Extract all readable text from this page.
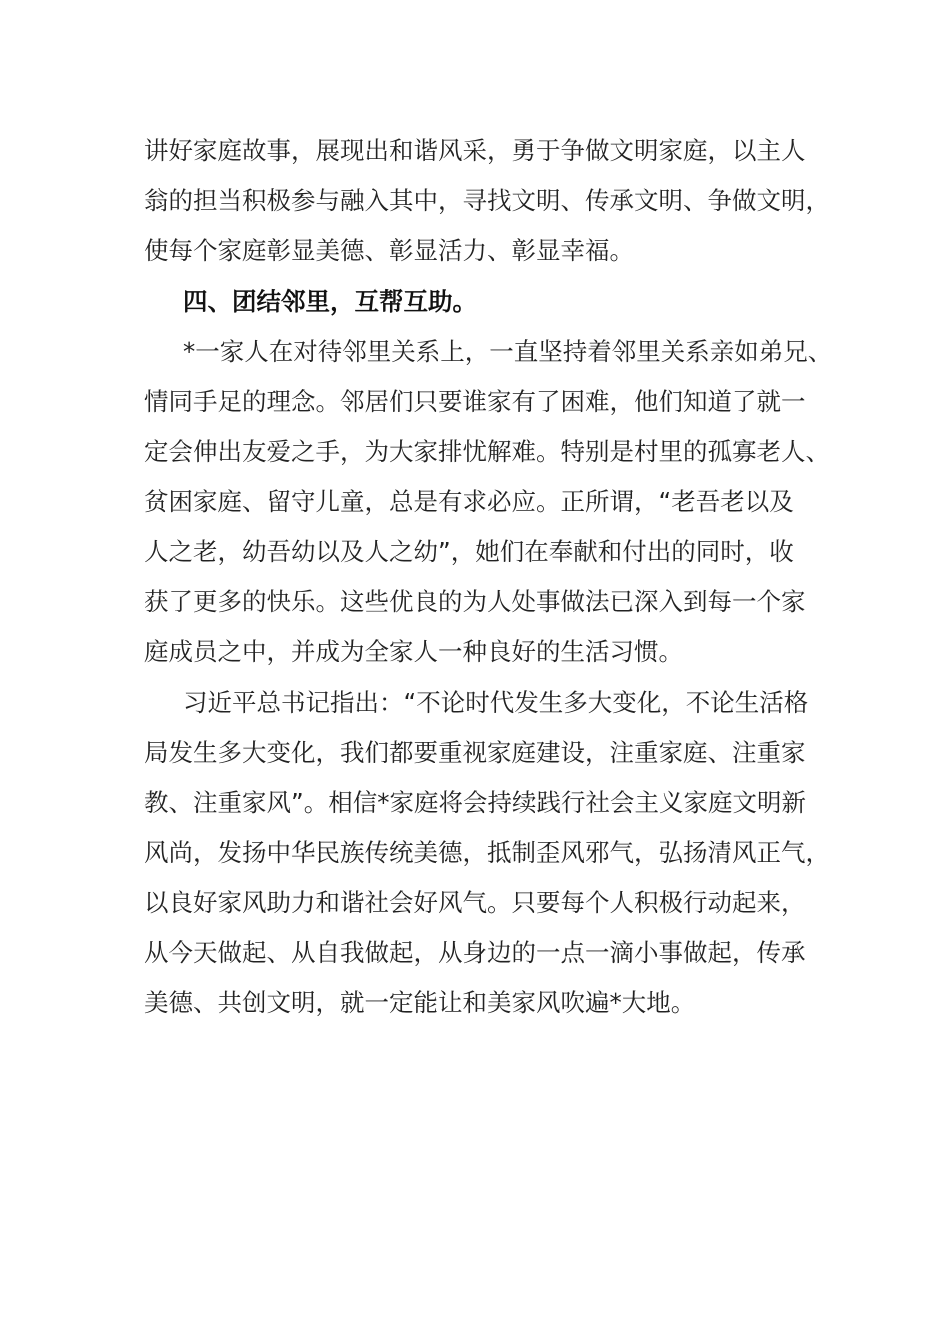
讲好家庭故事，展现出和谐风采，勇于争做文明家庭，以主人
翁的担当积极参与融入其中，寻找文明、传承文明、争做文明，
使每个家庭彰显美德、彰显活力、彰显幸福。
四、团结邻里，互帮互助。
*一家人在对待邻里关系上，一直坚持着邻里关系亲如弟兄、
情同手足的理念。邻居们只要谁家有了困难，他们知道了就一
定会伸出友爱之手，为大家排忧解难。特别是村里的孤寡老人、
贫困家庭、留守儿童，总是有求必应。正所谓，“老吾老以及
人之老，幼吾幼以及人之幼”，她们在奉献和付出的同时，收
获了更多的快乐。这些优良的为人处事做法已深入到每一个家
庭成员之中，并成为全家人一种良好的生活习惯。
习近平总书记指出：“不论时代发生多大变化，不论生活格
局发生多大变化，我们都要重视家庭建设，注重家庭、注重家
教、注重家风”。相信*家庭将会持续践行社会主义家庭文明新
风尚，发扬中华民族传统美德，抵制歪风邪气，弘扬清风正气，
以良好家风助力和谐社会好风气。只要每个人积极行动起来，
从今天做起、从自我做起，从身边的一点一滴小事做起，传承
美德、共创文明，就一定能让和美家风吹遍*大地。
